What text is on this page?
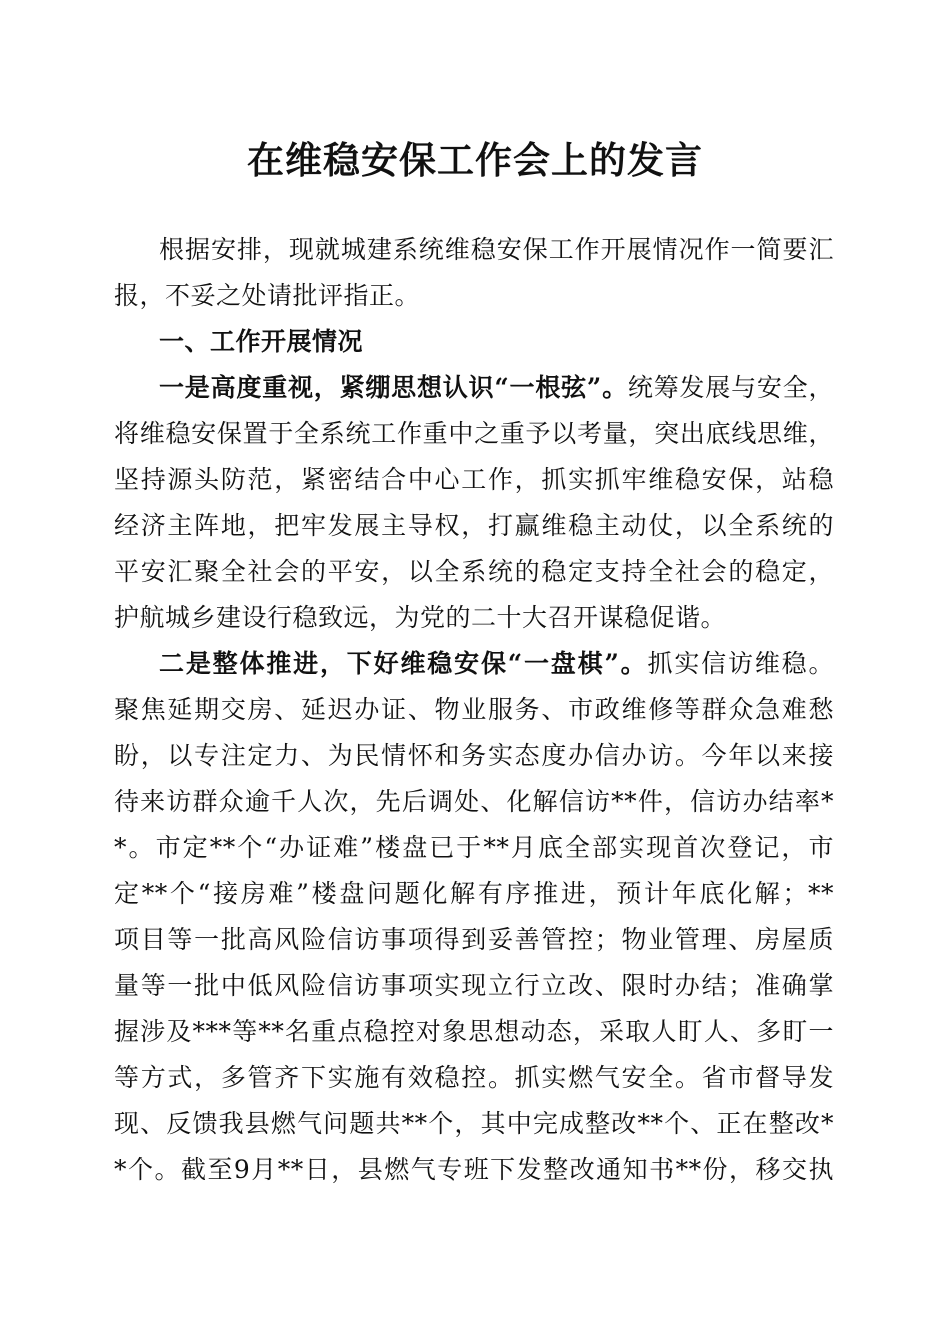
在维稳安保工作会上的发言
根据安排，现就城建系统维稳安保工作开展情况作一简要汇
报，不妥之处请批评指正。
一、工作开展情况
一是高度重视，紧绷思想认识“一根弦”。统筹发展与安全，
将维稳安保置于全系统工作重中之重予以考量，突出底线思维，
坚持源头防范，紧密结合中心工作，抓实抓牢维稳安保，站稳
经济主阵地，把牢发展主导权，打赢维稳主动仗，以全系统的
平安汇聚全社会的平安，以全系统的稳定支持全社会的稳定，
护航城乡建设行稳致远，为党的二十大召开谋稳促谐。
二是整体推进，下好维稳安保“一盘棋”。抓实信访维稳。
聚焦延期交房、延迟办证、物业服务、市政维修等群众急难愁
盼，以专注定力、为民情怀和务实态度办信办访。今年以来接
待来访群众逾千人次，先后调处、化解信访**件，信访办结率*
*。市定**个“办证难”楼盘已于**月底全部实现首次登记，市
定**个“接房难”楼盘问题化解有序推进，预计年底化解；**
项目等一批高风险信访事项得到妥善管控；物业管理、房屋质
量等一批中低风险信访事项实现立行立改、限时办结；准确掌
握涉及***等**名重点稳控对象思想动态，采取人盯人、多盯一
等方式，多管齐下实施有效稳控。抓实燃气安全。省市督导发
现、反馈我县燃气问题共**个，其中完成整改**个、正在整改*
*个。截至9月**日，县燃气专班下发整改通知书**份，移交执
